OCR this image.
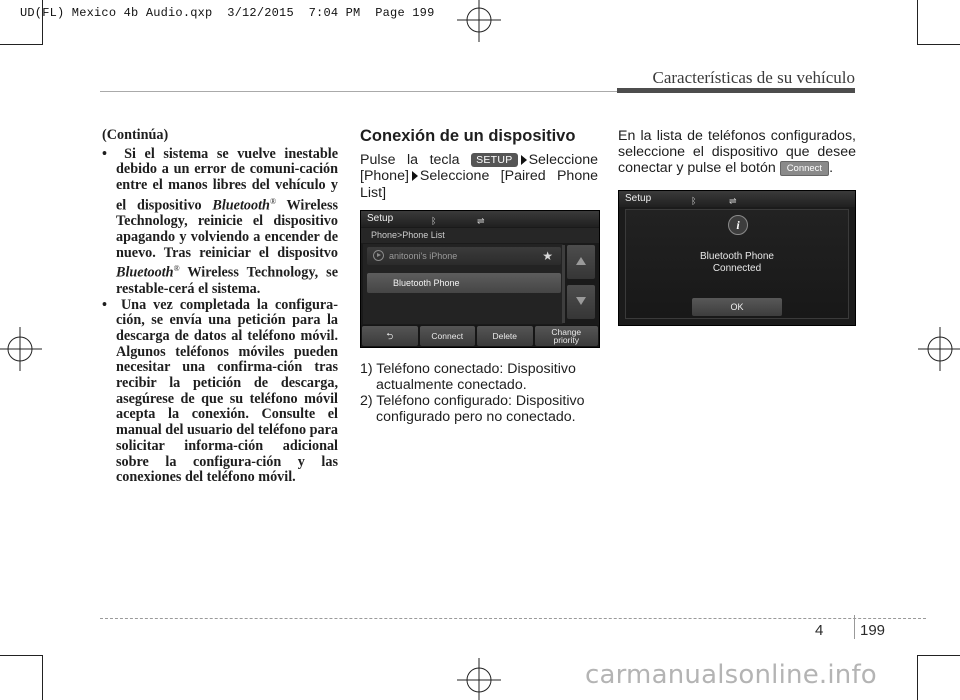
UD(FL) Mexico 4b Audio.qxp  3/12/2015  7:04 PM  Page 199
Características de su vehículo

(Continúa)

• Si el sistema se vuelve inestable debido a un error de comuni-cación entre el manos libres del vehículo y el dispositivo Bluetooth® Wireless Technology, reinicie el dispositivo apagando y volviendo a encender de nuevo. Tras reiniciar el dispositvo Bluetooth® Wireless Technology, se restable-cerá el sistema.

• Una vez completada la configura-ción, se envía una petición para la descarga de datos al teléfono móvil. Algunos teléfonos móviles pueden necesitar una confirma-ción tras recibir la petición de descarga, asegúrese de que su teléfono móvil acepta la conexión. Consulte el manual del usuario del teléfono para solicitar informa-ción adicional sobre la configura-ción y las conexiones del teléfono móvil.

Conexión de un dispositivo

Pulse la tecla SETUP Seleccione [Phone] Seleccione [Paired Phone List]

1) Teléfono conectado: Dispositivo actualmente conectado.

2) Teléfono configurado: Dispositivo configurado pero no conectado.

Setup	ᛒ	⇌
Phone>Phone List
anitooni's iPhone	★
Bluetooth Phone
⮌	Connect	Delete	Change priority

En la lista de teléfonos configurados, seleccione el dispositivo que desee conectar y pulse el botón Connect .

Setup	ᛒ	⇌
i
Bluetooth Phone
Connected
OK
4 199
carmanualsonline.info
